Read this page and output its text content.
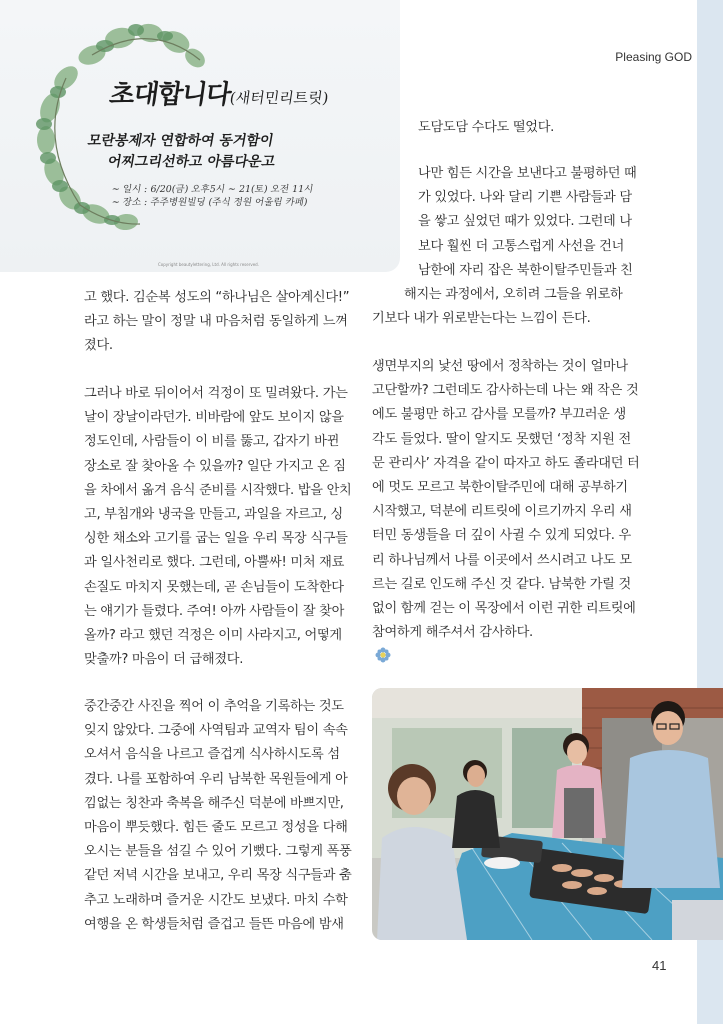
Pleasing GOD
초대합니다(새터민리트릿)
모란봉제자 연합하여 동거함이
어찌그리선하고 아름다운고
~ 일시 : 6/20(금) 오후5시 ~ 21(토) 오전 11시
~ 장소 : 주주병원빌딩 (주식 정원 어울림 카페)
Copyright beautylettering, Ltd. All rights reserved.

고 했다. 김순복 성도의 “하나님은 살아계신다!”
라고 하는 말이 정말 내 마음처럼 동일하게 느껴
졌다.

그러나 바로 뒤이어서 걱정이 또 밀려왔다. 가는
날이 장날이라던가. 비바람에 앞도 보이지 않을
정도인데, 사람들이 이 비를 뚫고, 갑자기 바뀐
장소로 잘 찾아올 수 있을까? 일단 가지고 온 짐
을 차에서 옮겨 음식 준비를 시작했다. 밥을 안치
고, 부침개와 냉국을 만들고, 과일을 자르고, 싱
싱한 채소와 고기를 굽는 일을 우리 목장 식구들
과 일사천리로 했다. 그런데, 아뿔싸! 미처 재료
손질도 마치지 못했는데, 곧 손님들이 도착한다
는 얘기가 들렸다. 주여! 아까 사람들이 잘 찾아
올까? 라고 했던 걱정은 이미 사라지고, 어떻게
맞출까? 마음이 더 급해졌다.

중간중간 사진을 찍어 이 추억을 기록하는 것도
잊지 않았다. 그중에 사역팀과 교역자 팀이 속속
오셔서 음식을 나르고 즐겁게 식사하시도록 섬
겼다. 나를 포함하여 우리 남북한 목원들에게 아
낌없는 칭찬과 축복을 해주신 덕분에 바쁘지만,
마음이 뿌듯했다. 힘든 줄도 모르고 정성을 다해
오시는 분들을 섬길 수 있어 기뻤다. 그렇게 폭풍
같던 저녁 시간을 보내고, 우리 목장 식구들과 춤
추고 노래하며 즐거운 시간도 보냈다. 마치 수학
여행을 온 학생들처럼 즐겁고 들뜬 마음에 밤새

도담도담 수다도 떨었다.

나만 힘든 시간을 보낸다고 불평하던 때
가 있었다. 나와 달리 기쁜 사람들과 담
을 쌓고 싶었던 때가 있었다. 그런데 나
보다 훨씬 더 고통스럽게 사선을 건너
남한에 자리 잡은 북한이탈주민들과 친
해지는 과정에서, 오히려 그들을 위로하
기보다 내가 위로받는다는 느낌이 든다.

생면부지의 낯선 땅에서 정착하는 것이 얼마나
고단할까? 그런데도 감사하는데 나는 왜 작은 것
에도 불평만 하고 감사를 모를까? 부끄러운 생
각도 들었다. 딸이 알지도 못했던 ‘정착 지원 전
문 관리사’ 자격을 같이 따자고 하도 졸라대던 터
에 멋도 모르고 북한이탈주민에 대해 공부하기
시작했고, 덕분에 리트릿에 이르기까지 우리 새
터민 동생들을 더 깊이 사귈 수 있게 되었다. 우
리 하나님께서 나를 이곳에서 쓰시려고 나도 모
르는 길로 인도해 주신 것 같다. 남북한 가릴 것
없이 함께 걷는 이 목장에서 이런 귀한 리트릿에
참여하게 해주셔서 감사하다.

41
